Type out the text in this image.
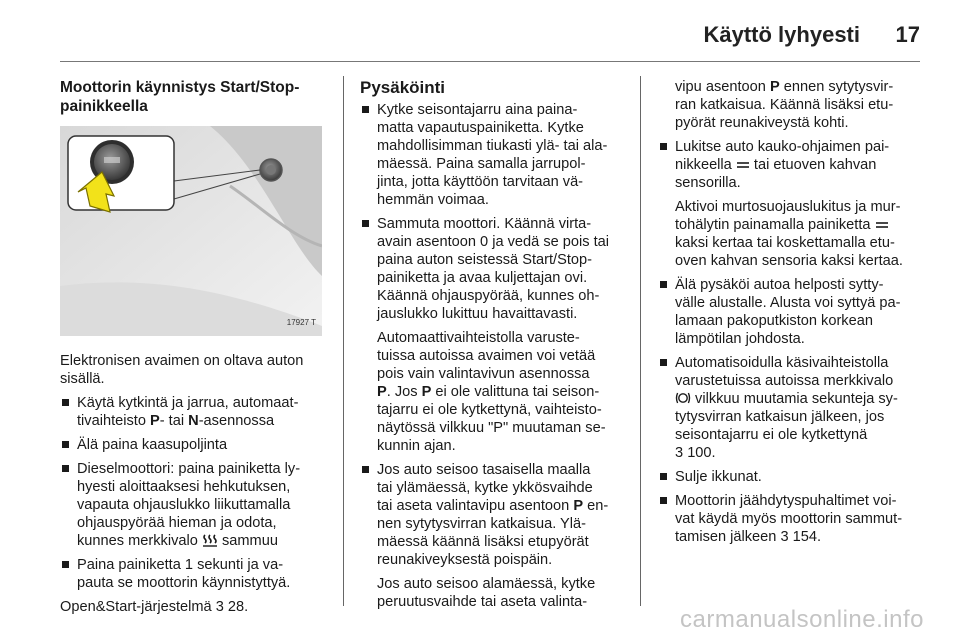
Käyttö lyhyesti 17
Moottorin käynnistys Start/Stop-
painikkeella
17927 T

Elektronisen avaimen on oltava auton
sisällä.

Käytä kytkintä ja jarrua, automaat-
tivaihteisto P- tai N-asennossa
Älä paina kaasupoljinta
Dieselmoottori: paina painiketta ly-
hyesti aloittaaksesi hehkutuksen,
vapauta ohjauslukko liikuttamalla
ohjauspyörää hieman ja odota,
kunnes merkkivalo  sammuu
Paina painiketta 1 sekunti ja va-
pauta se moottorin käynnistyttyä.

Open&Start-järjestelmä 3 28.

Pysäköinti
Kytke seisontajarru aina paina-
matta vapautuspainiketta. Kytke
mahdollisimman tiukasti ylä- tai ala-
mäessä. Paina samalla jarrupol-
jinta, jotta käyttöön tarvitaan vä-
hemmän voimaa.
Sammuta moottori. Käännä virta-
avain asentoon 0 ja vedä se pois tai
paina auton seistessä Start/Stop-
painiketta ja avaa kuljettajan ovi.
Käännä ohjauspyörää, kunnes oh-
jauslukko lukittuu havaittavasti.
Automaattivaihteistolla varuste-
tuissa autoissa avaimen voi vetää
pois vain valintavivun asennossa
P. Jos P ei ole valittuna tai seison-
tajarru ei ole kytkettynä, vaihteisto-
näytössä vilkkuu "P" muutaman se-
kunnin ajan.
Jos auto seisoo tasaisella maalla
tai ylämäessä, kytke ykkösvaihde
tai aseta valintavipu asentoon P en-
nen sytytysvirran katkaisua. Ylä-
mäessä käännä lisäksi etupyörät
reunakiveyksestä poispäin.
Jos auto seisoo alamäessä, kytke
peruutusvaihde tai aseta valinta-
vipu asentoon P ennen sytytysvir-
ran katkaisua. Käännä lisäksi etu-
pyörät reunakiveystä kohti.
Lukitse auto kauko-ohjaimen pai-
nikkeella  tai etuoven kahvan
sensorilla.
Aktivoi murtosuojauslukitus ja mur-
tohälytin painamalla painiketta
kaksi kertaa tai koskettamalla etu-
oven kahvan sensoria kaksi kertaa.
Älä pysäköi autoa helposti sytty-
välle alustalle. Alusta voi syttyä pa-
lamaan pakoputkiston korkean
lämpötilan johdosta.
Automatisoidulla käsivaihteistolla
varustetuissa autoissa merkkivalo
vilkkuu muutamia sekunteja sy-
tytysvirran katkaisun jälkeen, jos
seisontajarru ei ole kytkettynä
3 100.
Sulje ikkunat.
Moottorin jäähdytyspuhaltimet voi-
vat käydä myös moottorin sammut-
tamisen jälkeen 3 154.
carmanualsonline.info
